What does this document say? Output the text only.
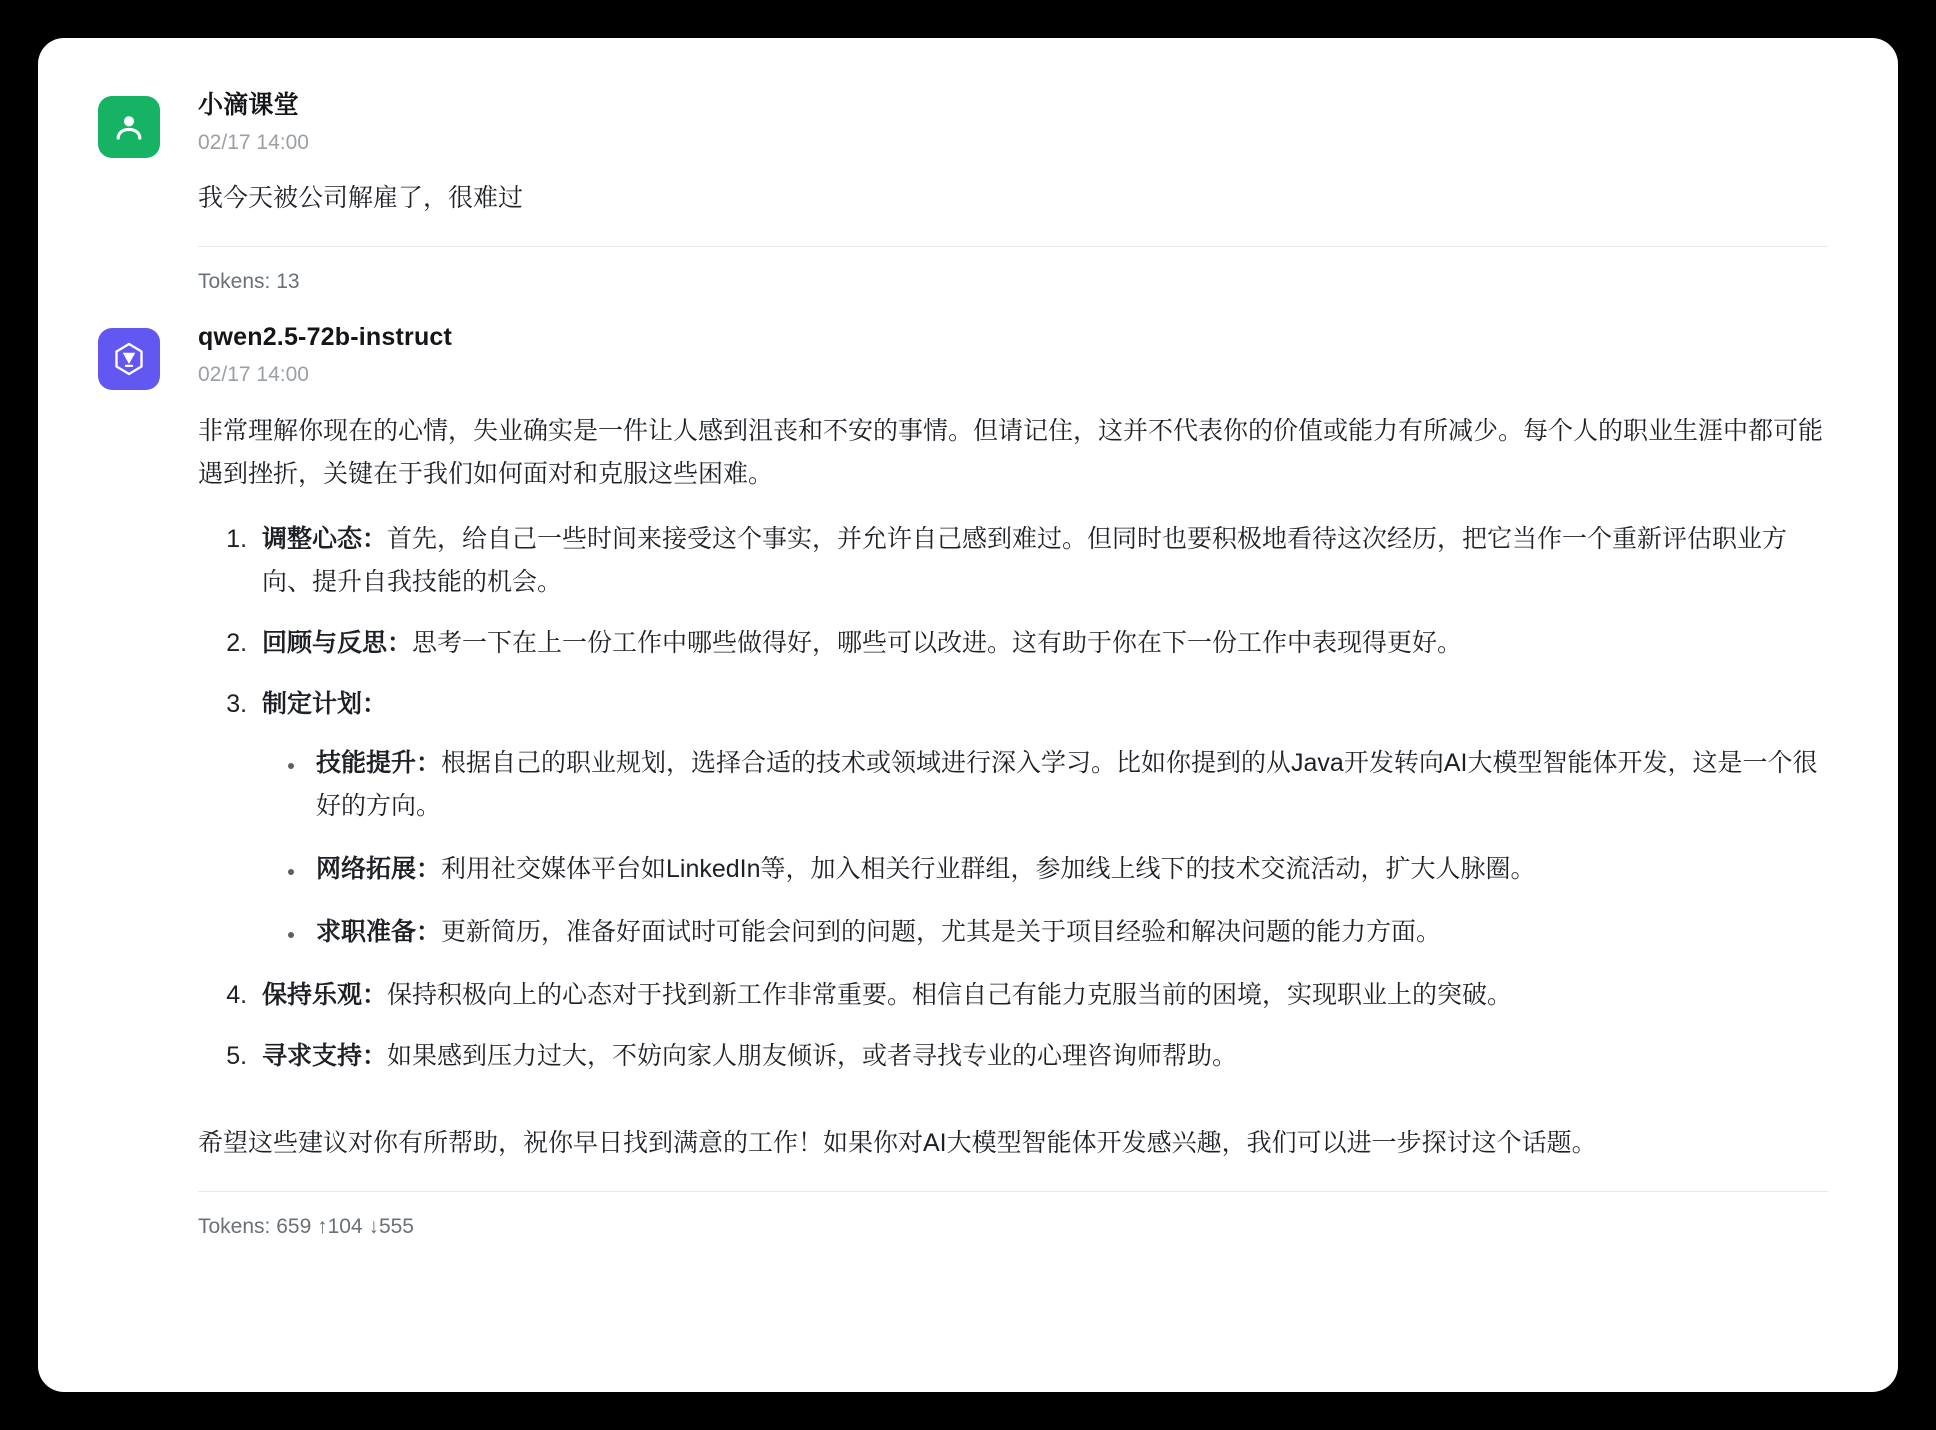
小滴课堂
02/17 14:00
我今天被公司解雇了，很难过
Tokens: 13
qwen2.5-72b-instruct
02/17 14:00
非常理解你现在的心情，失业确实是一件让人感到沮丧和不安的事情。但请记住，这并不代表你的价值或能力有所减少。每个人的职业生涯中都可能遇到挫折，关键在于我们如何面对和克服这些困难。
1. 调整心态：首先，给自己一些时间来接受这个事实，并允许自己感到难过。但同时也要积极地看待这次经历，把它当作一个重新评估职业方向、提升自我技能的机会。
2. 回顾与反思：思考一下在上一份工作中哪些做得好，哪些可以改进。这有助于你在下一份工作中表现得更好。
3. 制定计划：
• 技能提升：根据自己的职业规划，选择合适的技术或领域进行深入学习。比如你提到的从Java开发转向AI大模型智能体开发，这是一个很好的方向。
• 网络拓展：利用社交媒体平台如LinkedIn等，加入相关行业群组，参加线上线下的技术交流活动，扩大人脉圈。
• 求职准备：更新简历，准备好面试时可能会问到的问题，尤其是关于项目经验和解决问题的能力方面。
4. 保持乐观：保持积极向上的心态对于找到新工作非常重要。相信自己有能力克服当前的困境，实现职业上的突破。
5. 寻求支持：如果感到压力过大，不妨向家人朋友倾诉，或者寻找专业的心理咨询师帮助。
希望这些建议对你有所帮助，祝你早日找到满意的工作！如果你对AI大模型智能体开发感兴趣，我们可以进一步探讨这个话题。
Tokens: 659 ↑104 ↓555
